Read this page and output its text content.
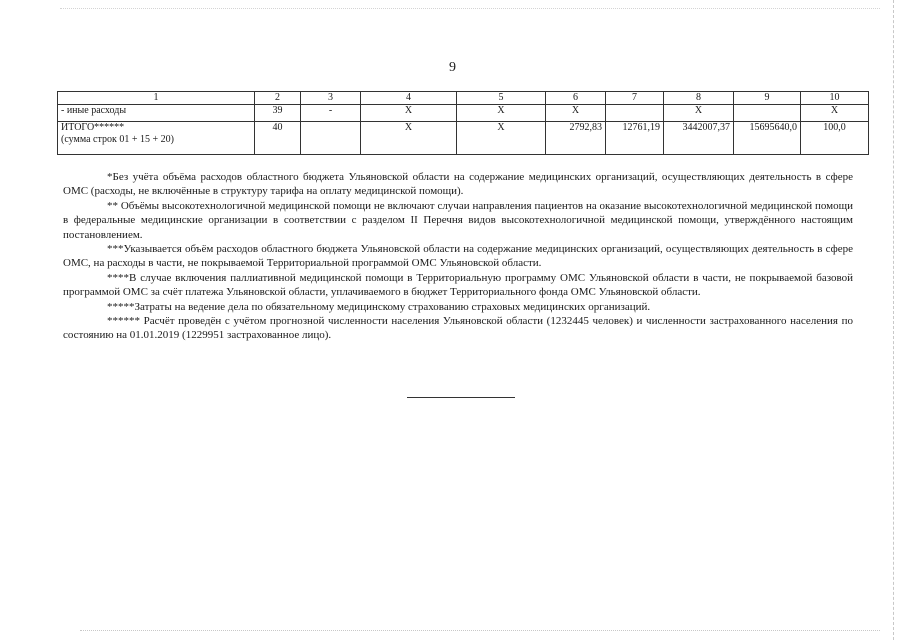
9
1	2	3	4	5	6	7	8	9	10
- иные расходы	39	-	Х	Х	Х		Х		Х

ИТОГО******
(сумма строк 01 + 15 + 20)	40		Х	Х	2792,83	12761,19	3442007,37	15695640,0	100,0

*Без учёта объёма расходов областного бюджета Ульяновской области на содержание медицинских организаций, осуществляющих деятельность в сфере ОМС (расходы, не включённые в структуру тарифа на оплату медицинской помощи).

** Объёмы высокотехнологичной медицинской помощи не включают случаи направления пациентов на оказание высокотехнологичной медицинской помощи в федеральные медицинские организации в соответствии с разделом II Перечня видов высокотехнологичной медицинской помощи, утверждённого настоящим постановлением.

***Указывается объём расходов областного бюджета Ульяновской области на содержание медицинских организаций, осуществляющих деятельность в сфере ОМС, на расходы в части, не покрываемой Территориальной программой ОМС Ульяновской области.

****В случае включения паллиативной медицинской помощи в Территориальную программу ОМС Ульяновской области в части, не покрываемой базовой программой ОМС за счёт платежа Ульяновской области, уплачиваемого в бюджет Территориального фонда ОМС Ульяновской области.

*****Затраты на ведение дела по обязательному медицинскому страхованию страховых медицинских организаций.

****** Расчёт проведён с учётом прогнозной численности населения Ульяновской области (1232445 человек) и численности застрахованного населения по состоянию на 01.01.2019 (1229951 застрахованное лицо).
